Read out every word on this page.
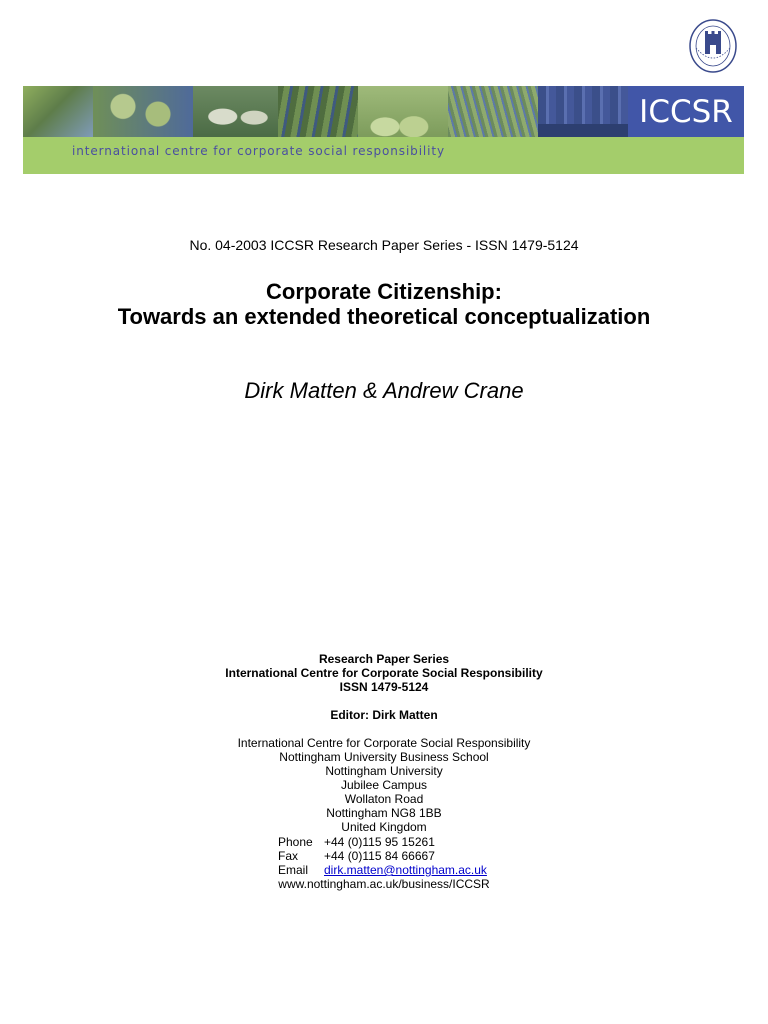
ICCSR
international centre for corporate social responsibility
No. 04-2003 ICCSR Research Paper Series - ISSN 1479-5124
Corporate Citizenship:
Towards an extended theoretical conceptualization
Dirk Matten & Andrew Crane
Research Paper Series
International Centre for Corporate Social Responsibility
ISSN 1479-5124
Editor: Dirk Matten
International Centre for Corporate Social Responsibility
Nottingham University Business School
Nottingham University
Jubilee Campus
Wollaton Road
Nottingham NG8 1BB
United Kingdom
Phone +44 (0)115 95 15261
Fax	+44 (0)115 84 66667
Email	dirk.matten@nottingham.ac.uk
www.nottingham.ac.uk/business/ICCSR
